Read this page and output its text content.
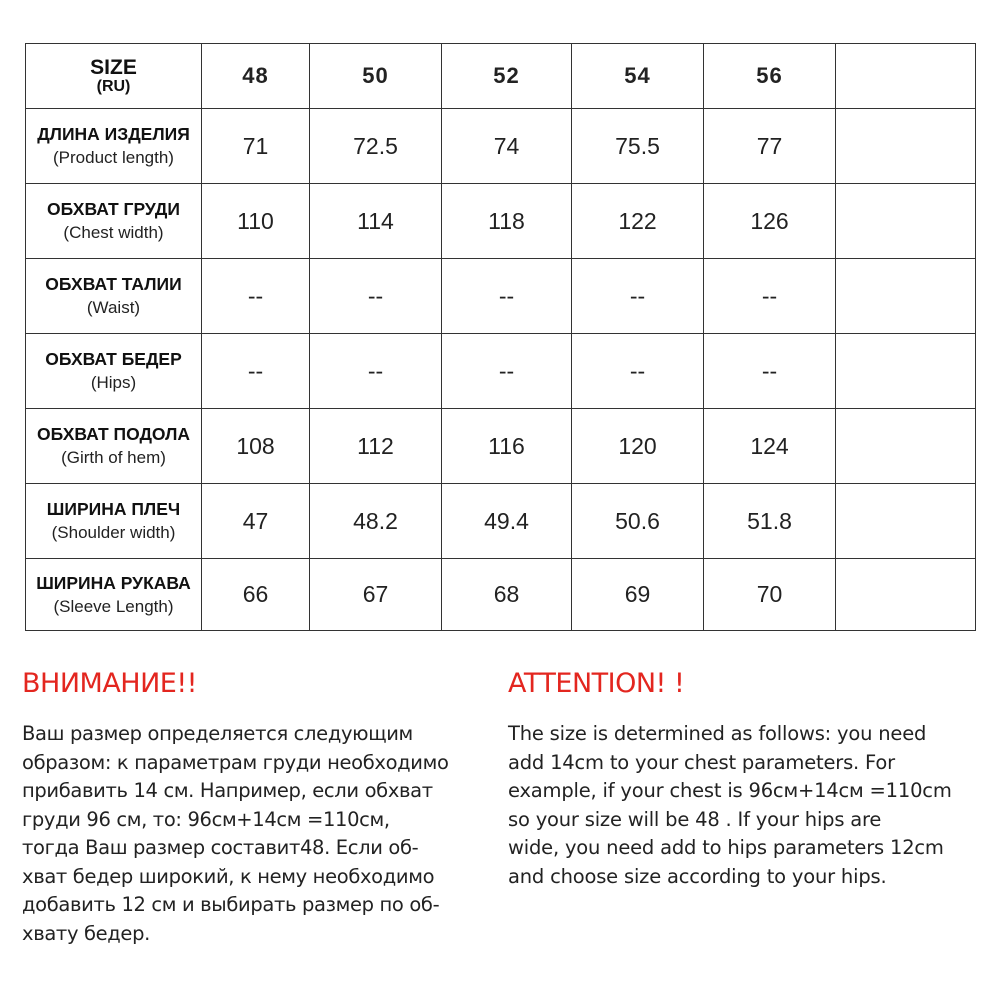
SIZE
(RU)	48	50	52	54	56	

ДЛИНА ИЗДЕЛИЯ
(Product length)	71	72.5	74	75.5	77	

ОБХВАТ ГРУДИ
(Chest width)	110	114	118	122	126	

ОБХВАТ ТАЛИИ
(Waist)	--	--	--	--	--	

ОБХВАТ БЕДЕР
(Hips)	--	--	--	--	--	

ОБХВАТ ПОДОЛА
(Girth of hem)	108	112	116	120	124	

ШИРИНА ПЛЕЧ
(Shoulder width)	47	48.2	49.4	50.6	51.8	

ШИРИНА РУКАВА
(Sleeve Length)	66	67	68	69	70	
ВНИМАНИЕ!!
Ваш размер определяется следующим
образом: к параметрам груди необходимо
прибавить 14 см. Например, если обхват
груди 96 см, то: 96см+14см =110см,
тогда Ваш размер составит48. Если об-
хват бедер широкий, к нему необходимо
добавить 12 см и выбирать размер по об-
хвату бедер.
ATTENTION! !
The size is determined as follows: you need
add 14cm to your chest parameters. For
example, if your chest is 96cм+14cм =110cm
so your size will be 48 . If your hips are
wide, you need add to hips parameters 12cm
and choose size according to your hips.
